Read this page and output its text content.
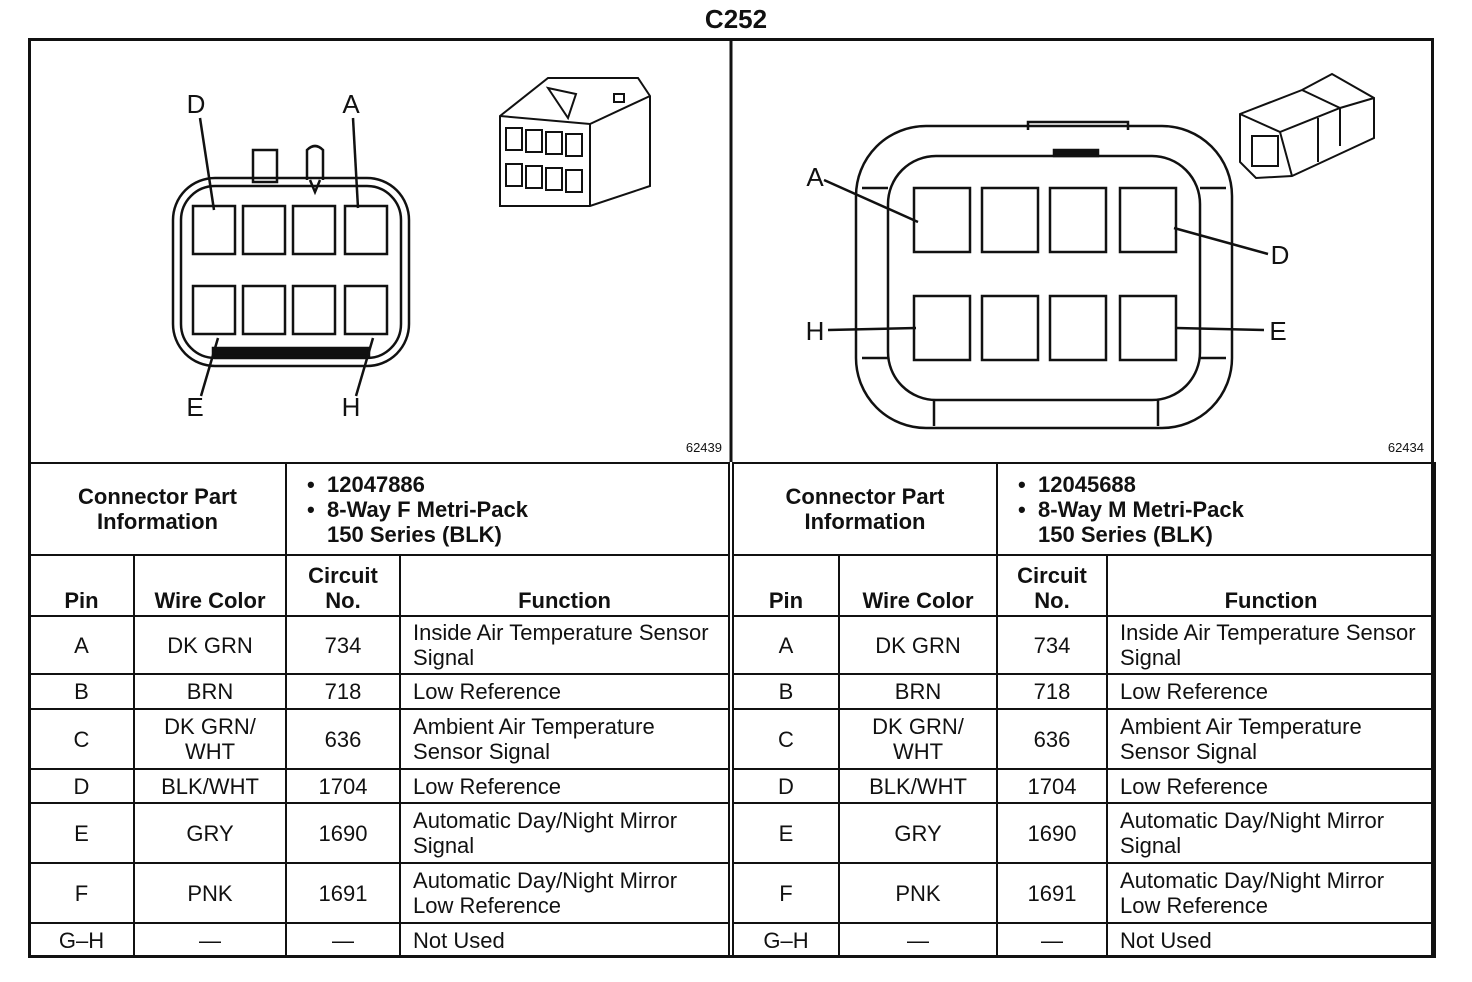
C252
D	A
E	H
62439
A
D
H	E
62434
Connector Part Information		• 12047886
• 8-Way F Metri-Pack
150 Series (BLK)	

Pin	Wire Color	Circuit No.	Function
A	DK GRN	734	Inside Air Temperature Sensor Signal
B	BRN	718	Low Reference
C	DK GRN/ WHT	636	Ambient Air Temperature Sensor Signal
D	BLK/WHT	1704	Low Reference
E	GRY	1690	Automatic Day/Night Mirror Signal
F	PNK	1691	Automatic Day/Night Mirror Low Reference
G–H	—	—	Not Used
Connector Part Information		• 12045688
• 8-Way M Metri-Pack
150 Series (BLK)	

Pin	Wire Color	Circuit No.	Function
A	DK GRN	734	Inside Air Temperature Sensor Signal
B	BRN	718	Low Reference
C	DK GRN/ WHT	636	Ambient Air Temperature Sensor Signal
D	BLK/WHT	1704	Low Reference
E	GRY	1690	Automatic Day/Night Mirror Signal
F	PNK	1691	Automatic Day/Night Mirror Low Reference
G–H	—	—	Not Used
